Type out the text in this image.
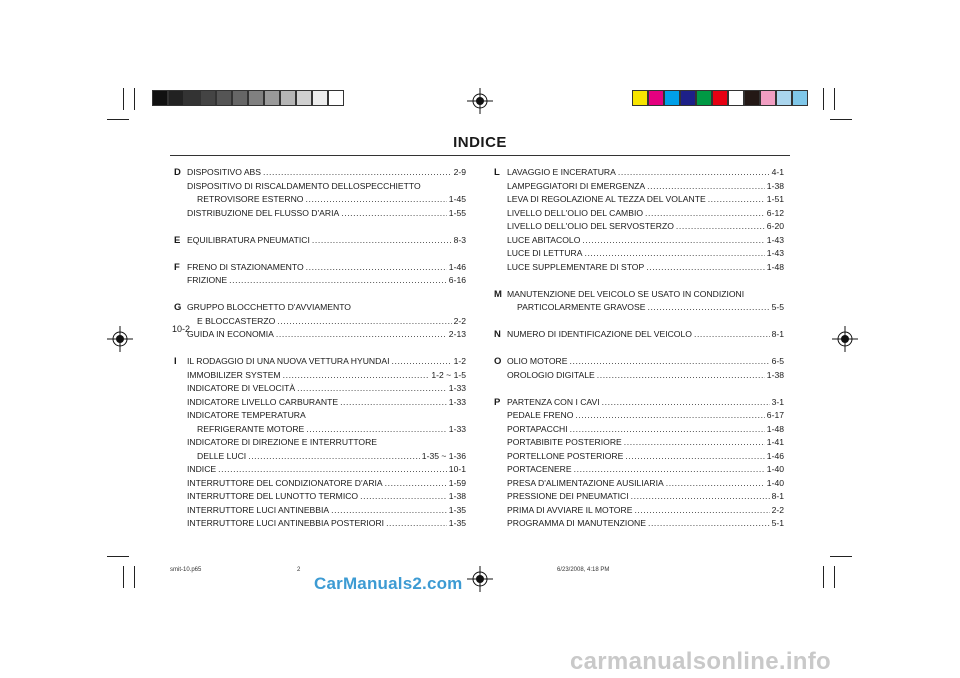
INDICE
D DISPOSITIVO ABS .....	2-9
DISPOSITIVO DI RISCALDAMENTO DELLOSPECCHIETTO
RETROVISORE ESTERNO .....	1-45
DISTRIBUZIONE DEL FLUSSO D'ARIA .....	1-55
E EQUILIBRATURA PNEUMATICI .....	8-3
F FRENO DI STAZIONAMENTO .....	1-46
FRIZIONE .....	6-16
G GRUPPO BLOCCHETTO D'AVVIAMENTO
E BLOCCASTERZO .....	2-2
GUIDA IN ECONOMIA .....	2-13
I IL RODAGGIO DI UNA NUOVA VETTURA HYUNDAI .....	1-2
IMMOBILIZER SYSTEM .....	1-2 ~ 1-5
INDICATORE DI VELOCITÀ .....	1-33
INDICATORE LIVELLO CARBURANTE .....	1-33
INDICATORE TEMPERATURA
REFRIGERANTE MOTORE .....	1-33
INDICATORE DI DIREZIONE E INTERRUTTORE
DELLE LUCI .....	1-35 ~ 1-36
INDICE .....	10-1
INTERRUTTORE DEL CONDIZIONATORE D'ARIA .....	1-59
INTERRUTTORE DEL LUNOTTO TERMICO .....	1-38
INTERRUTTORE LUCI ANTINEBBIA .....	1-35
INTERRUTTORE LUCI ANTINEBBIA POSTERIORI .....	1-35
L LAVAGGIO E INCERATURA .....	4-1
LAMPEGGIATORI DI EMERGENZA .....	1-38
LEVA DI REGOLAZIONE AL TEZZA DEL VOLANTE .....	1-51
LIVELLO DELL'OLIO DEL CAMBIO .....	6-12
LIVELLO DELL'OLIO DEL SERVOSTERZO .....	6-20
LUCE ABITACOLO .....	1-43
LUCE DI LETTURA .....	1-43
LUCE SUPPLEMENTARE DI STOP .....	1-48
M MANUTENZIONE DEL VEICOLO SE USATO IN CONDIZIONI
PARTICOLARMENTE GRAVOSE .....	5-5
N NUMERO DI IDENTIFICAZIONE DEL VEICOLO .....	8-1
O OLIO MOTORE .....	6-5
OROLOGIO DIGITALE .....	1-38
P PARTENZA CON I CAVI .....	3-1
PEDALE FRENO .....	6-17
PORTAPACCHI .....	1-48
PORTABIBITE POSTERIORE .....	1-41
PORTELLONE POSTERIORE .....	1-46
PORTACENERE .....	1-40
PRESA D'ALIMENTAZIONE AUSILIARIA .....	1-40
PRESSIONE DEI PNEUMATICI .....	8-1
PRIMA DI AVVIARE IL MOTORE .....	2-2
PROGRAMMA DI MANUTENZIONE .....	5-1
10-2
smit-10.p65	2	6/23/2008, 4:18 PM
CarManuals2.com
carmanualsonline.info
